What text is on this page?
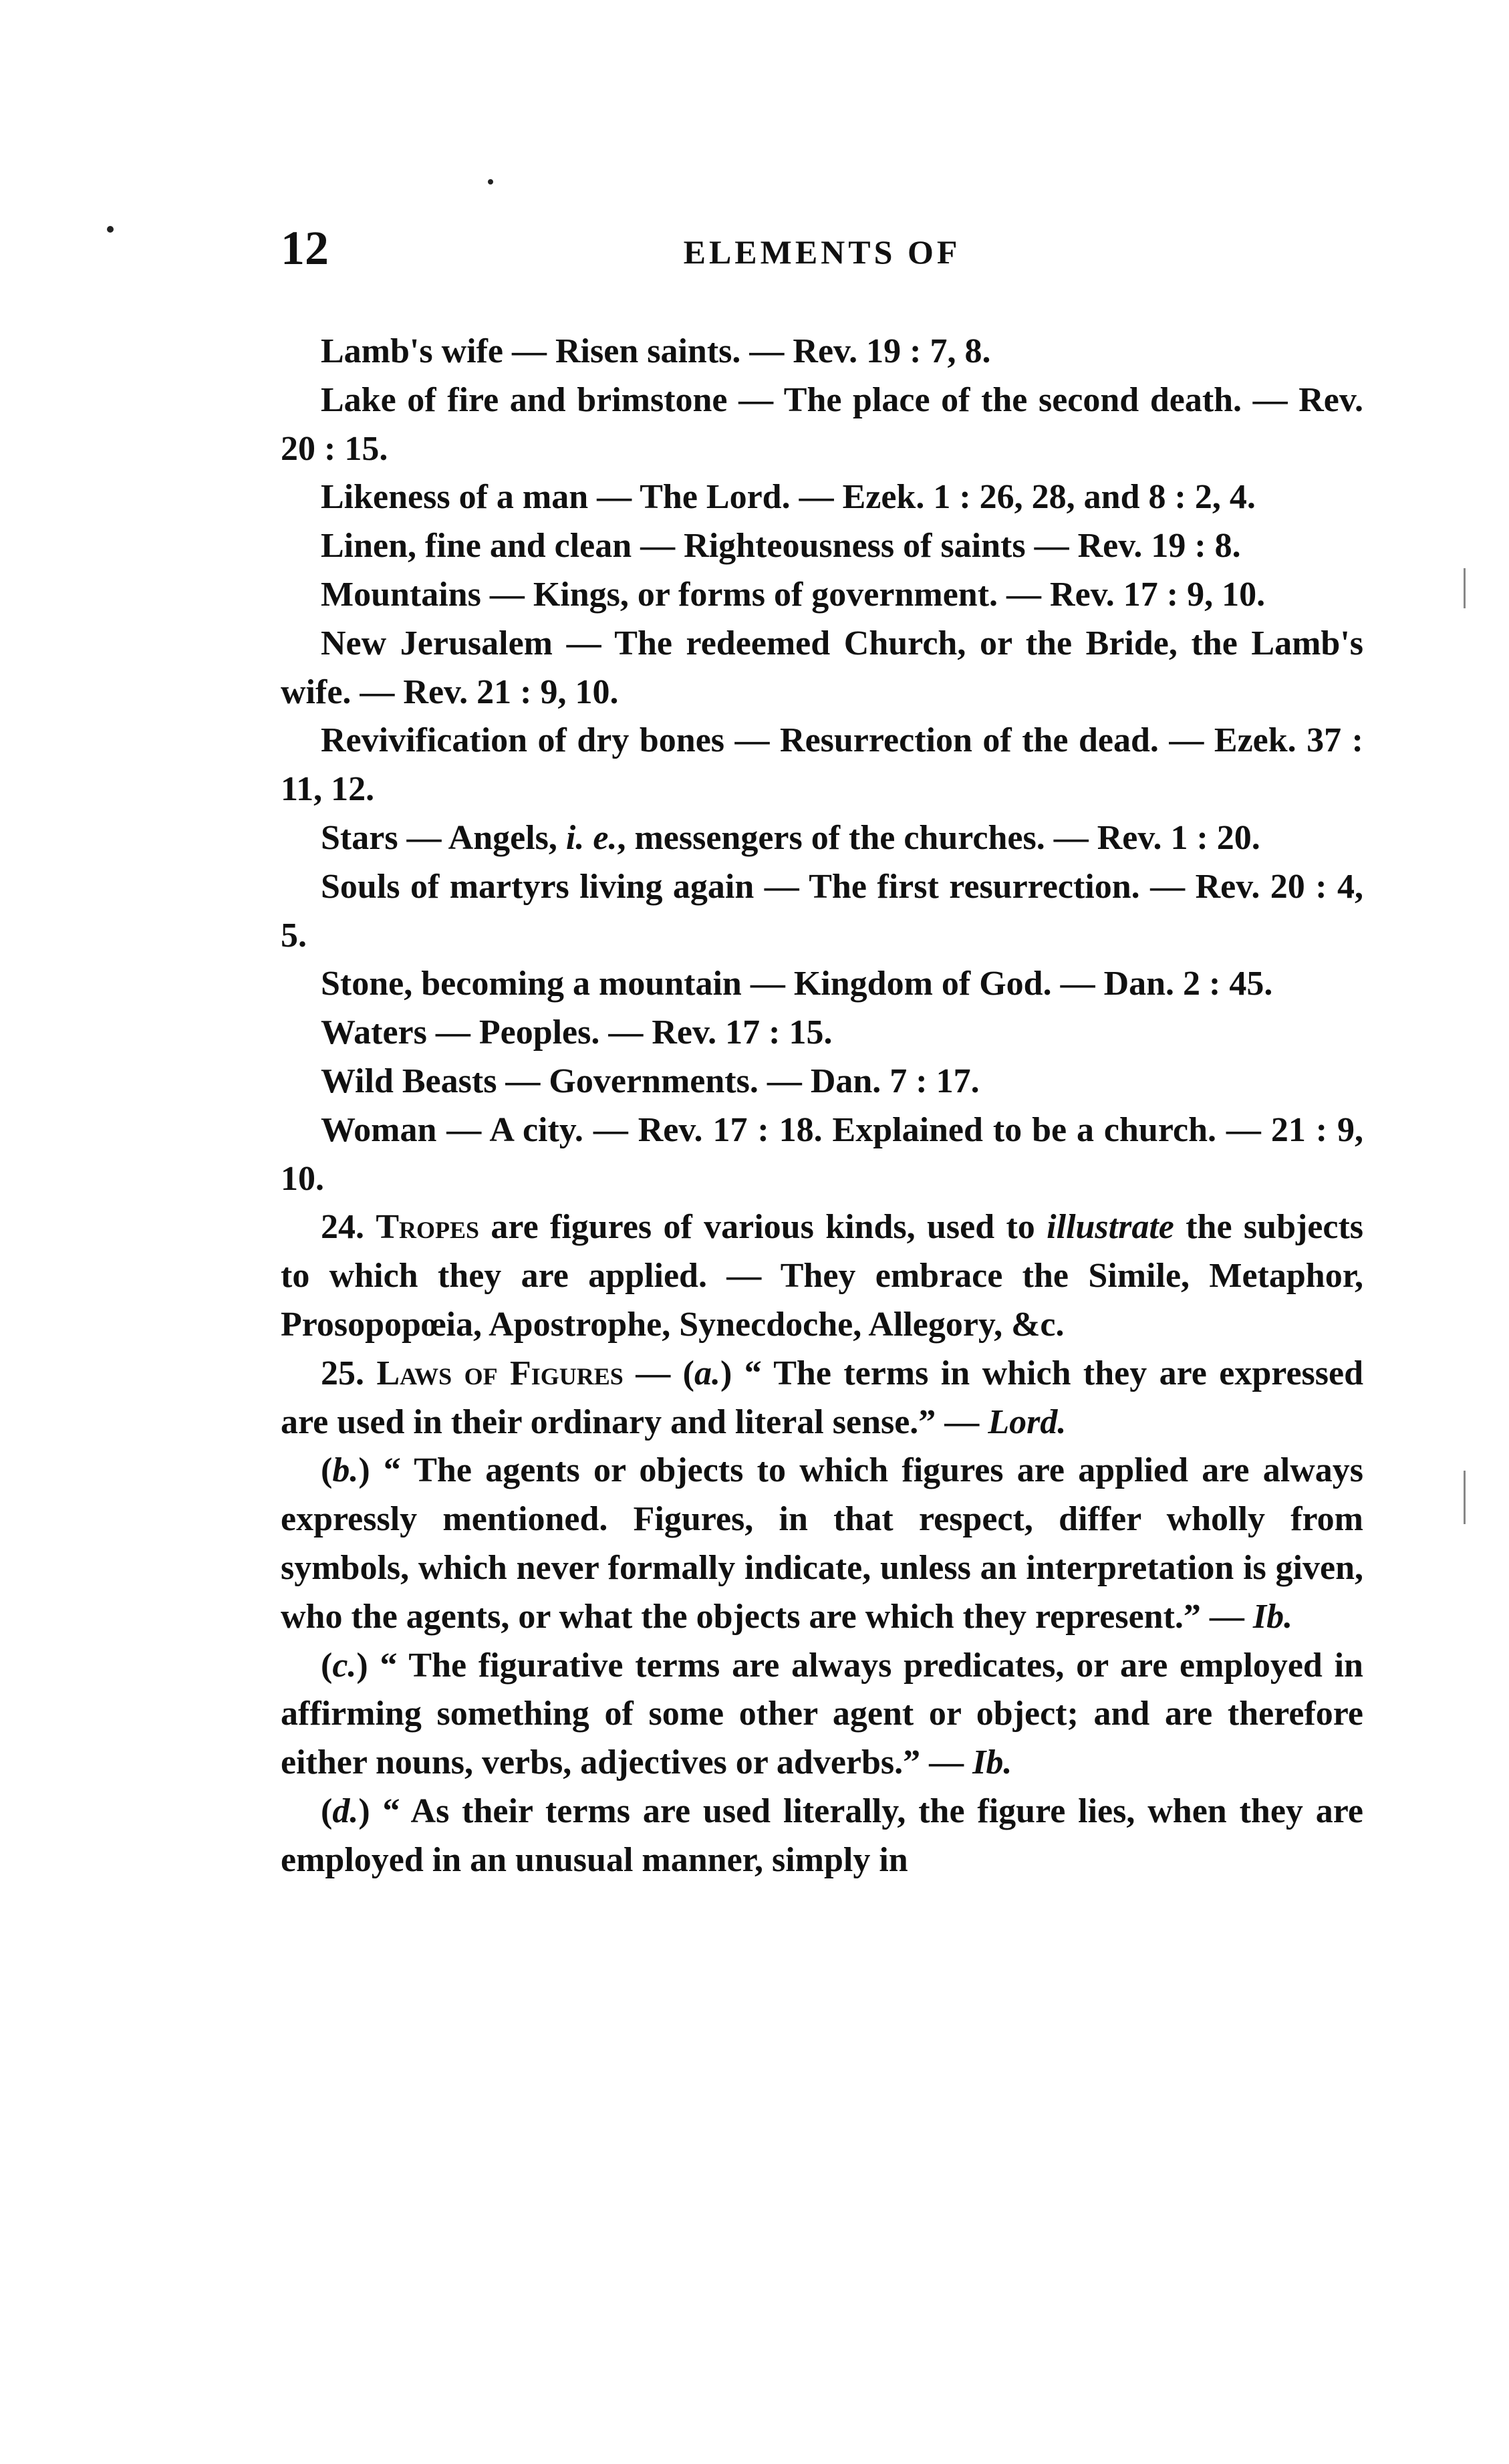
12	ELEMENTS OF

Lamb's wife — Risen saints. — Rev. 19 : 7, 8.

Lake of fire and brimstone — The place of the second death. — Rev. 20 : 15.

Likeness of a man — The Lord. — Ezek. 1 : 26, 28, and 8 : 2, 4.

Linen, fine and clean — Righteousness of saints — Rev. 19 : 8.

Mountains — Kings, or forms of government. — Rev. 17 : 9, 10.

New Jerusalem — The redeemed Church, or the Bride, the Lamb's wife. — Rev. 21 : 9, 10.

Revivification of dry bones — Resurrection of the dead. — Ezek. 37 : 11, 12.

Stars — Angels, i. e., messengers of the churches. — Rev. 1 : 20.

Souls of martyrs living again — The first resurrection. — Rev. 20 : 4, 5.

Stone, becoming a mountain — Kingdom of God. — Dan. 2 : 45.

Waters — Peoples. — Rev. 17 : 15.

Wild Beasts — Governments. — Dan. 7 : 17.

Woman — A city. — Rev. 17 : 18. Explained to be a church. — 21 : 9, 10.

24. Tropes are figures of various kinds, used to illustrate the subjects to which they are applied. — They embrace the Simile, Metaphor, Prosopopœia, Apostrophe, Synecdoche, Allegory, &c.

25. Laws of Figures — (a.) “ The terms in which they are expressed are used in their ordinary and literal sense.” — Lord.

(b.) “ The agents or objects to which figures are applied are always expressly mentioned. Figures, in that respect, differ wholly from symbols, which never formally indicate, unless an interpretation is given, who the agents, or what the objects are which they represent.” — Ib.

(c.) “ The figurative terms are always predicates, or are employed in affirming something of some other agent or object; and are therefore either nouns, verbs, adjectives or adverbs.” — Ib.

(d.) “ As their terms are used literally, the figure lies, when they are employed in an unusual manner, simply in
